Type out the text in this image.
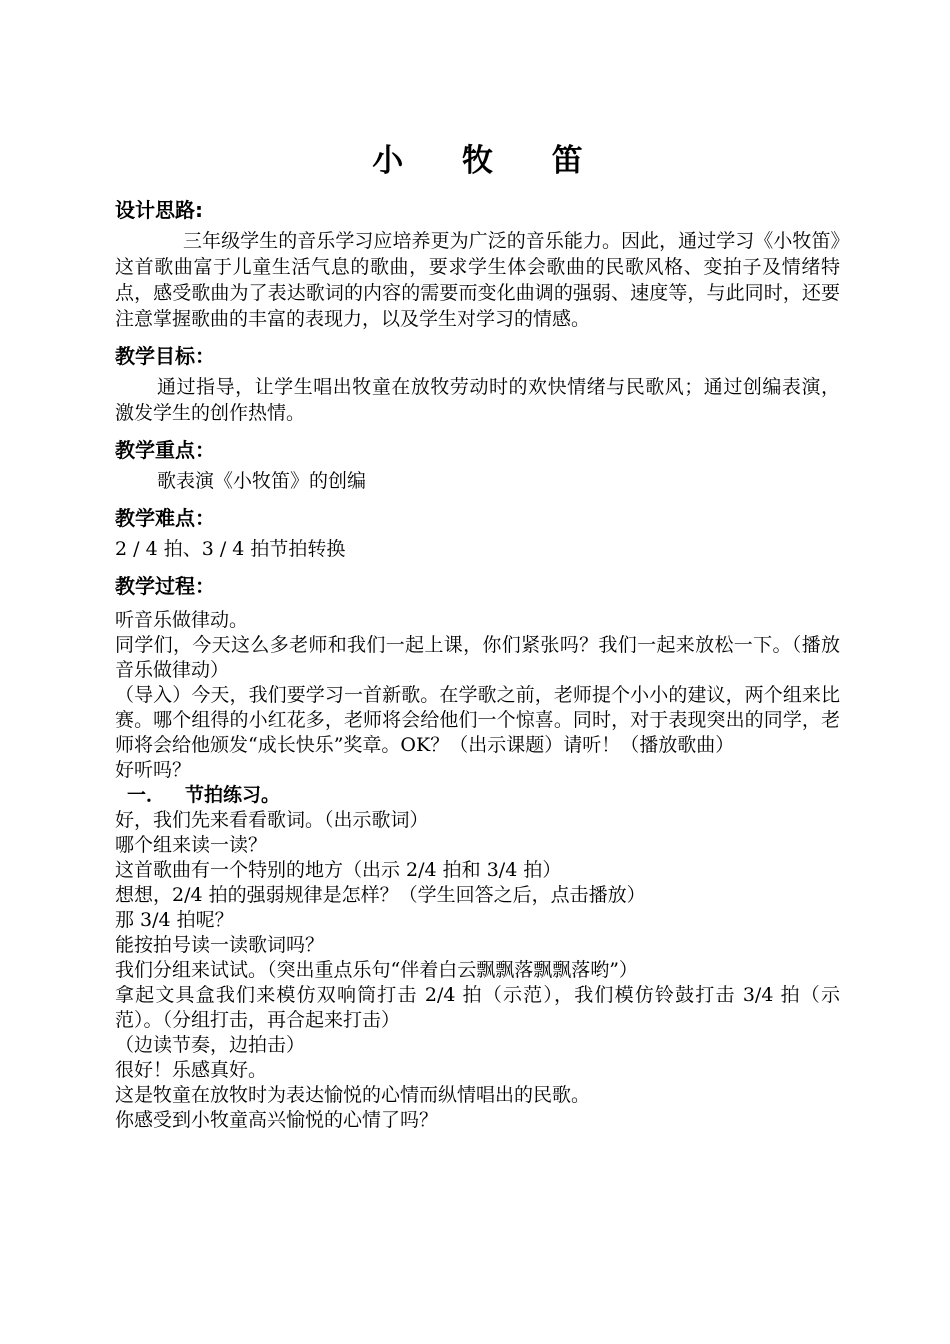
小 牧 笛
设计思路:

三年级学生的音乐学习应培养更为广泛的音乐能力。因此，通过学习《小牧笛》这首歌曲富于儿童生活气息的歌曲，要求学生体会歌曲的民歌风格、变拍子及情绪特点，感受歌曲为了表达歌词的内容的需要而变化曲调的强弱、速度等，与此同时，还要注意掌握歌曲的丰富的表现力，以及学生对学习的情感。

教学目标：

通过指导，让学生唱出牧童在放牧劳动时的欢快情绪与民歌风；通过创编表演，激发学生的创作热情。

教学重点：

歌表演《小牧笛》的创编

教学难点：

2 / 4 拍、3 / 4 拍节拍转换

教学过程：

听音乐做律动。

同学们，今天这么多老师和我们一起上课，你们紧张吗？我们一起来放松一下。（播放音乐做律动）

（导入）今天，我们要学习一首新歌。在学歌之前，老师提个小小的建议，两个组来比赛。哪个组得的小红花多，老师将会给他们一个惊喜。同时，对于表现突出的同学，老师将会给他颁发“成长快乐”奖章。OK？（出示课题）请听！（播放歌曲）

好听吗？

一． 节拍练习。

好，我们先来看看歌词。（出示歌词）

哪个组来读一读？

这首歌曲有一个特别的地方（出示 2/4 拍和 3/4 拍）

想想，2/4 拍的强弱规律是怎样？（学生回答之后，点击播放）

那 3/4 拍呢？

能按拍号读一读歌词吗？

我们分组来试试。（突出重点乐句“伴着白云飘飘落飘飘落哟”）

拿起文具盒我们来模仿双响筒打击 2/4 拍（示范），我们模仿铃鼓打击 3/4 拍（示范）。（分组打击，再合起来打击）

（边读节奏，边拍击）

很好！乐感真好。

这是牧童在放牧时为表达愉悦的心情而纵情唱出的民歌。

你感受到小牧童高兴愉悦的心情了吗？
